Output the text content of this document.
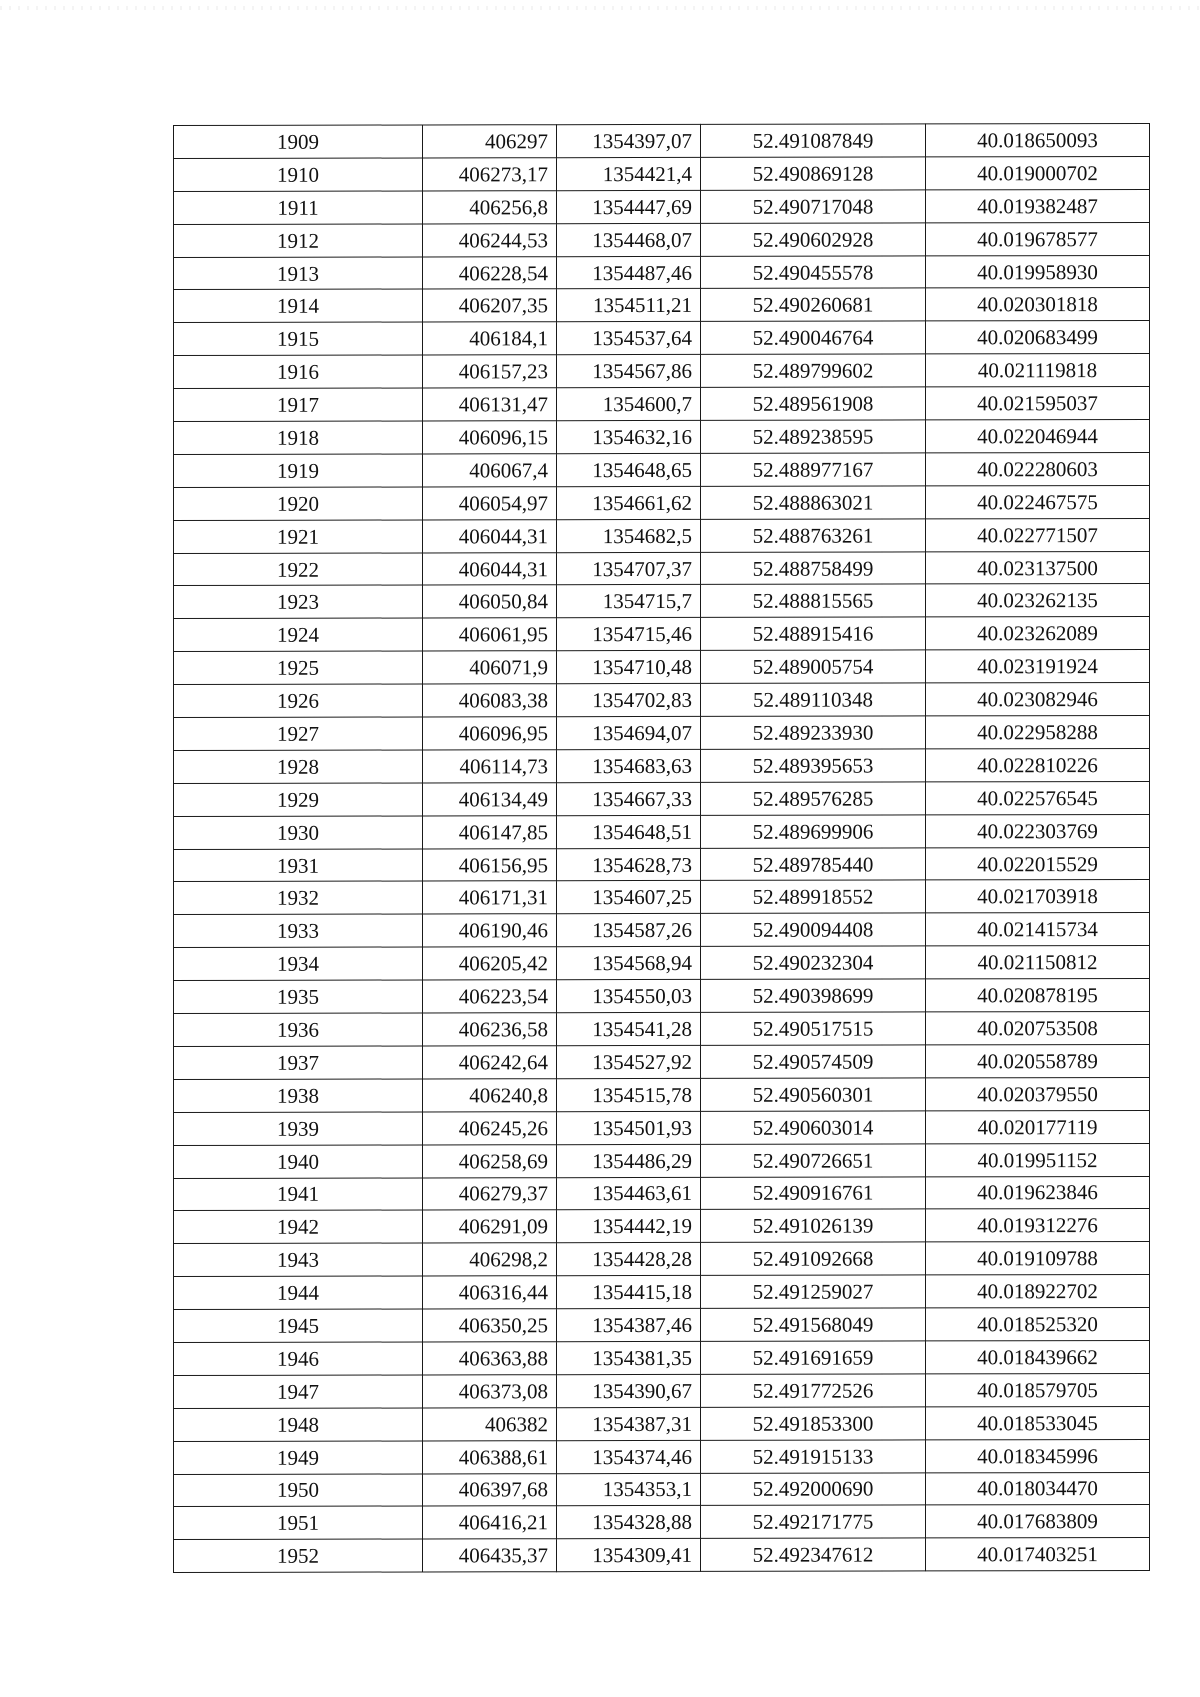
1909	406297	1354397,07	52.491087849	40.018650093
1910	406273,17	1354421,4	52.490869128	40.019000702
1911	406256,8	1354447,69	52.490717048	40.019382487
1912	406244,53	1354468,07	52.490602928	40.019678577
1913	406228,54	1354487,46	52.490455578	40.019958930
1914	406207,35	1354511,21	52.490260681	40.020301818
1915	406184,1	1354537,64	52.490046764	40.020683499
1916	406157,23	1354567,86	52.489799602	40.021119818
1917	406131,47	1354600,7	52.489561908	40.021595037
1918	406096,15	1354632,16	52.489238595	40.022046944
1919	406067,4	1354648,65	52.488977167	40.022280603
1920	406054,97	1354661,62	52.488863021	40.022467575
1921	406044,31	1354682,5	52.488763261	40.022771507
1922	406044,31	1354707,37	52.488758499	40.023137500
1923	406050,84	1354715,7	52.488815565	40.023262135
1924	406061,95	1354715,46	52.488915416	40.023262089
1925	406071,9	1354710,48	52.489005754	40.023191924
1926	406083,38	1354702,83	52.489110348	40.023082946
1927	406096,95	1354694,07	52.489233930	40.022958288
1928	406114,73	1354683,63	52.489395653	40.022810226
1929	406134,49	1354667,33	52.489576285	40.022576545
1930	406147,85	1354648,51	52.489699906	40.022303769
1931	406156,95	1354628,73	52.489785440	40.022015529
1932	406171,31	1354607,25	52.489918552	40.021703918
1933	406190,46	1354587,26	52.490094408	40.021415734
1934	406205,42	1354568,94	52.490232304	40.021150812
1935	406223,54	1354550,03	52.490398699	40.020878195
1936	406236,58	1354541,28	52.490517515	40.020753508
1937	406242,64	1354527,92	52.490574509	40.020558789
1938	406240,8	1354515,78	52.490560301	40.020379550
1939	406245,26	1354501,93	52.490603014	40.020177119
1940	406258,69	1354486,29	52.490726651	40.019951152
1941	406279,37	1354463,61	52.490916761	40.019623846
1942	406291,09	1354442,19	52.491026139	40.019312276
1943	406298,2	1354428,28	52.491092668	40.019109788
1944	406316,44	1354415,18	52.491259027	40.018922702
1945	406350,25	1354387,46	52.491568049	40.018525320
1946	406363,88	1354381,35	52.491691659	40.018439662
1947	406373,08	1354390,67	52.491772526	40.018579705
1948	406382	1354387,31	52.491853300	40.018533045
1949	406388,61	1354374,46	52.491915133	40.018345996
1950	406397,68	1354353,1	52.492000690	40.018034470
1951	406416,21	1354328,88	52.492171775	40.017683809
1952	406435,37	1354309,41	52.492347612	40.017403251
